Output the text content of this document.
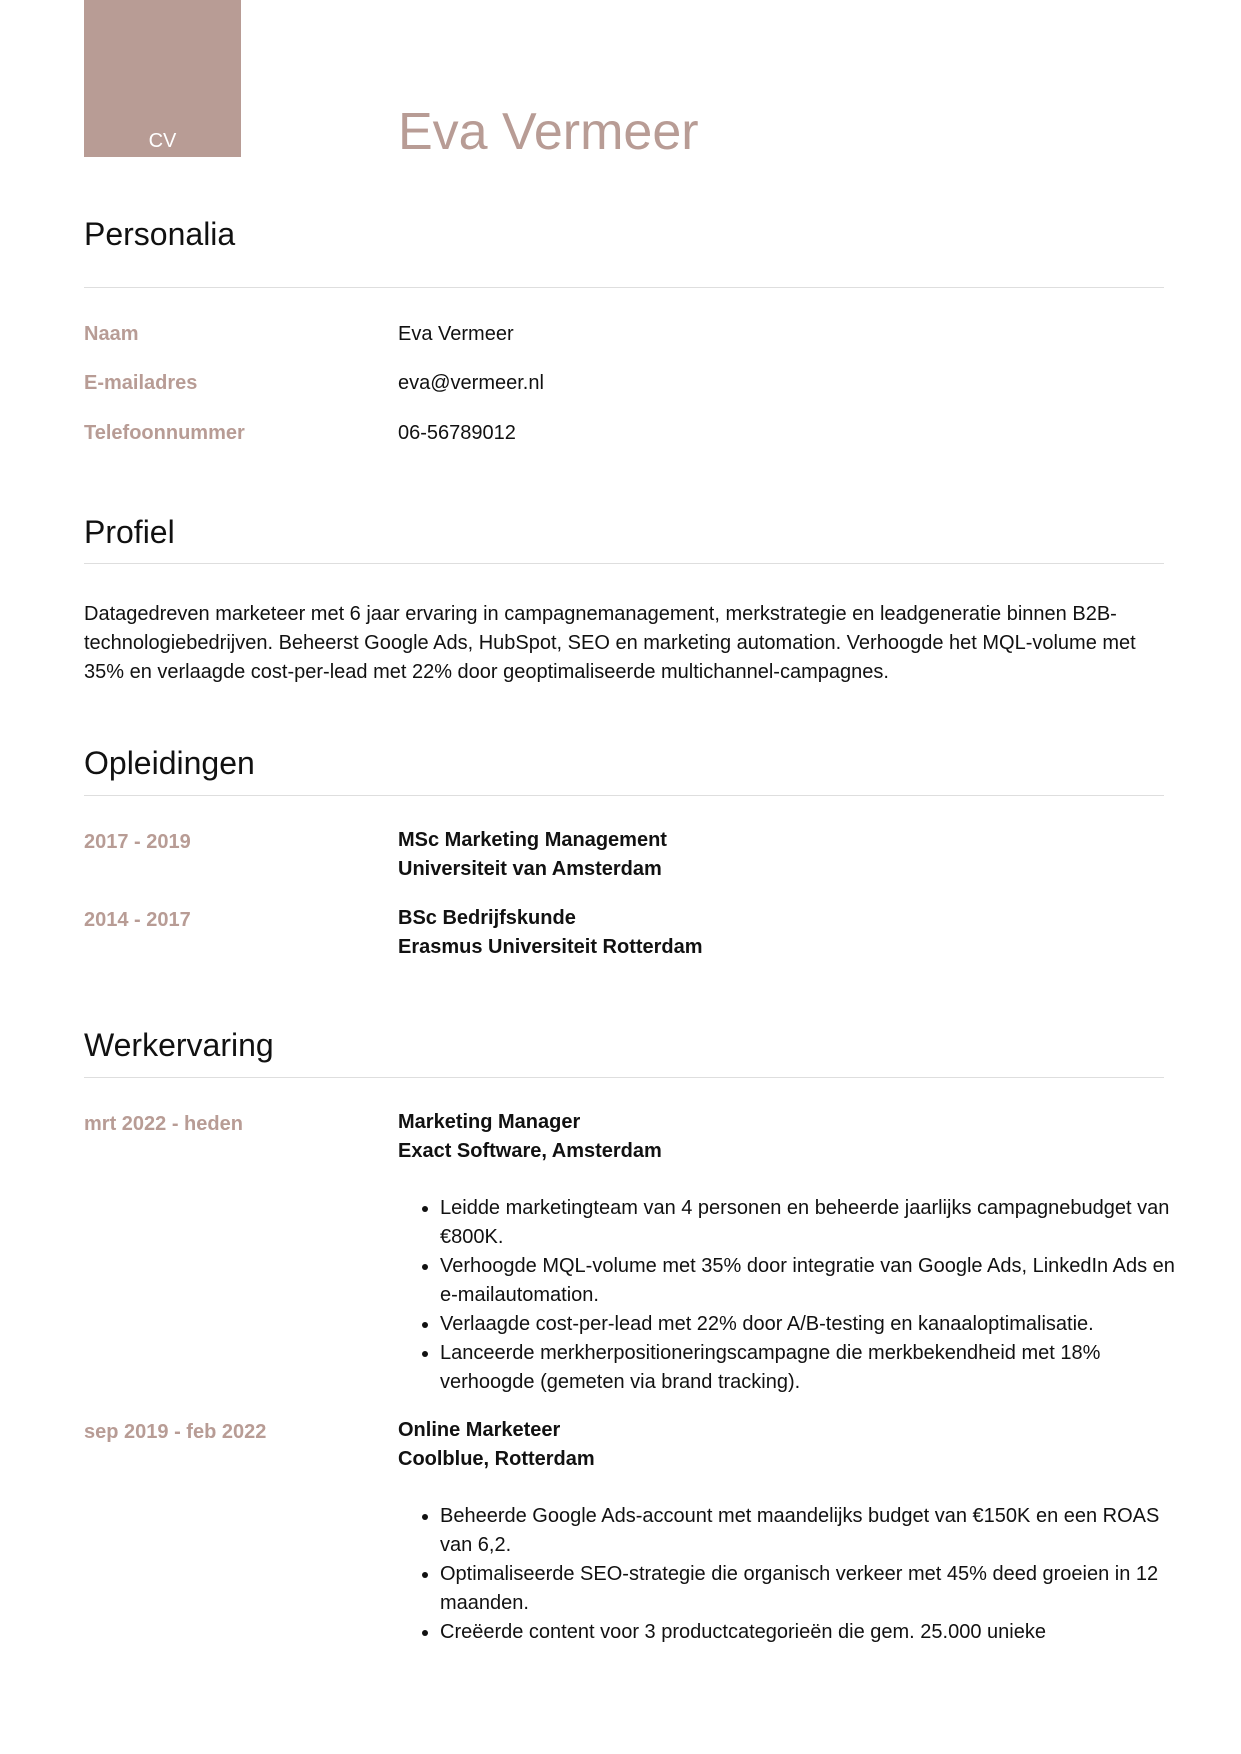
CV	Eva Vermeer
Personalia
Naam	Eva Vermeer
E-mailadres	eva@vermeer.nl
Telefoonnummer	06-56789012
Profiel

Datagedreven marketeer met 6 jaar ervaring in campagnemanagement, merkstrategie en leadgeneratie binnen B2B-technologiebedrijven. Beheerst Google Ads, HubSpot, SEO en marketing automation. Verhoogde het MQL-volume met 35% en verlaagde cost-per-lead met 22% door geoptimaliseerde multichannel-campagnes.

Opleidingen
2017 - 2019	MSc Marketing Management
Universiteit van Amsterdam
2014 - 2017	BSc Bedrijfskunde
Erasmus Universiteit Rotterdam
Werkervaring
mrt 2022 - heden	Marketing Manager
Exact Software, Amsterdam
• Leidde marketingteam van 4 personen en beheerde jaarlijks campagnebudget van €800K.
• Verhoogde MQL-volume met 35% door integratie van Google Ads, LinkedIn Ads en e-mailautomation.
• Verlaagde cost-per-lead met 22% door A/B-testing en kanaaloptimalisatie.
• Lanceerde merkherpositioneringscampagne die merkbekendheid met 18% verhoogde (gemeten via brand tracking).
sep 2019 - feb 2022	Online Marketeer
Coolblue, Rotterdam
• Beheerde Google Ads-account met maandelijks budget van €150K en een ROAS van 6,2.
• Optimaliseerde SEO-strategie die organisch verkeer met 45% deed groeien in 12 maanden.
• Creëerde content voor 3 productcategorieën die gem. 25.000 unieke
